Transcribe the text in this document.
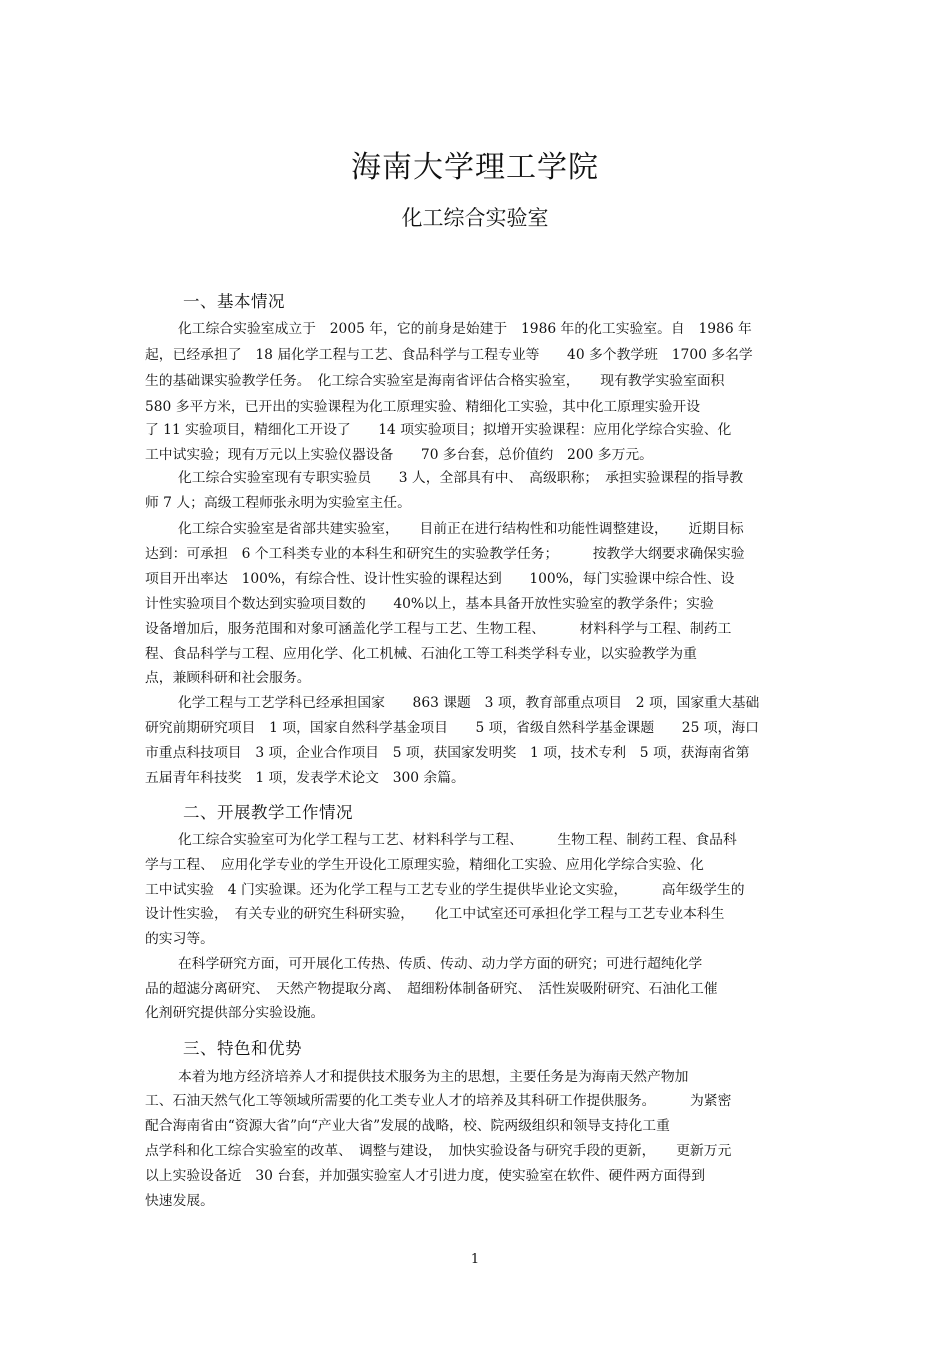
海南大学理工学院
化工综合实验室
一、基本情况
化工综合实验室成立于　2005 年，它的前身是始建于　1986 年的化工实验室。自　1986 年
起，已经承担了　18 届化学工程与工艺、食品科学与工程专业等　　40 多个教学班　1700 多名学
生的基础课实验教学任务。　化工综合实验室是海南省评估合格实验室，　　现有教学实验室面积
580 多平方米，已开出的实验课程为化工原理实验、精细化工实验，其中化工原理实验开设
了 11 实验项目，精细化工开设了　　14 项实验项目；拟增开实验课程：应用化学综合实验、化
工中试实验；现有万元以上实验仪器设备　　70 多台套，总价值约　200 多万元。
化工综合实验室现有专职实验员　　3 人，全部具有中、　高级职称；　承担实验课程的指导教
师 7 人；高级工程师张永明为实验室主任。
化工综合实验室是省部共建实验室，　　目前正在进行结构性和功能性调整建设，　　近期目标
达到：可承担　6 个工科类专业的本科生和研究生的实验教学任务；　　　按教学大纲要求确保实验
项目开出率达　100%，有综合性、设计性实验的课程达到　　100%，每门实验课中综合性、设
计性实验项目个数达到实验项目数的　　40%以上，基本具备开放性实验室的教学条件；实验
设备增加后，服务范围和对象可涵盖化学工程与工艺、生物工程、　　　材料科学与工程、制药工
程、食品科学与工程、应用化学、化工机械、石油化工等工科类学科专业，以实验教学为重
点，兼顾科研和社会服务。
化学工程与工艺学科已经承担国家　　863 课题　3 项，教育部重点项目　2 项，国家重大基础
研究前期研究项目　1 项，国家自然科学基金项目　　5 项，省级自然科学基金课题　　25 项，海口
市重点科技项目　3 项，企业合作项目　5 项，获国家发明奖　1 项，技术专利　5 项，获海南省第
五届青年科技奖　1 项，发表学术论文　300 余篇。
二、开展教学工作情况
化工综合实验室可为化学工程与工艺、材料科学与工程、　　　生物工程、制药工程、食品科
学与工程、　应用化学专业的学生开设化工原理实验，精细化工实验、应用化学综合实验、化
工中试实验　4 门实验课。还为化学工程与工艺专业的学生提供毕业论文实验，　　　高年级学生的
设计性实验，　有关专业的研究生科研实验，　　化工中试室还可承担化学工程与工艺专业本科生
的实习等。
在科学研究方面，可开展化工传热、传质、传动、动力学方面的研究；可进行超纯化学
品的超滤分离研究、　天然产物提取分离、　超细粉体制备研究、　活性炭吸附研究、石油化工催
化剂研究提供部分实验设施。
三、特色和优势
本着为地方经济培养人才和提供技术服务为主的思想，主要任务是为海南天然产物加
工、石油天然气化工等领域所需要的化工类专业人才的培养及其科研工作提供服务。　　　为紧密
配合海南省由“资源大省”向“产业大省”发展的战略，校、院两级组织和领导支持化工重
点学科和化工综合实验室的改革、　调整与建设，　加快实验设备与研究手段的更新，　　更新万元
以上实验设备近　30 台套，并加强实验室人才引进力度，使实验室在软件、硬件两方面得到
快速发展。
1
